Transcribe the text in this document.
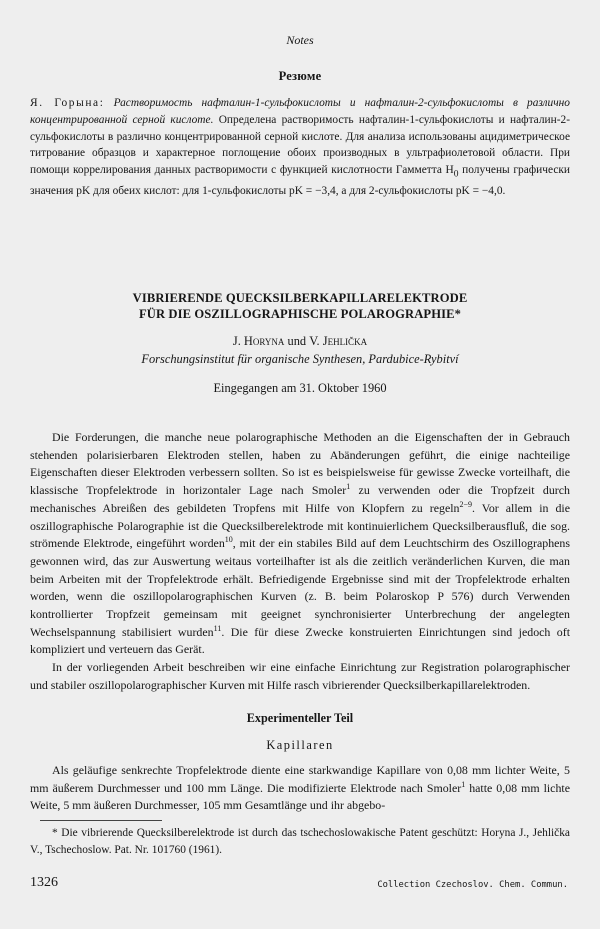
Notes
Резюме
Я. Горына: Растворимость нафталин-1-сульфокислоты и нафталин-2-сульфокислоты в различно концентрированной серной кислоте. Определена растворимость нафталин-1-сульфокислоты и нафталин-2-сульфокислоты в различно концентрированной серной кислоте. Для анализа использованы ацидиметрическое титрование образцов и характерное поглощение обоих производных в ультрафиолетовой области. При помощи коррелирования данных растворимости с функцией кислотности Гамметта $H_0$ получены графически значения pK для обеих кислот: для 1-сульфокислоты pK = −3,4, а для 2-сульфокислоты pK = −4,0.
VIBRIERENDE QUECKSILBERKAPILLARELEKTRODE
FÜR DIE OSZILLOGRAPHISCHE POLAROGRAPHIE*
J. Horyna und V. Jehlička
Forschungsinstitut für organische Synthesen, Pardubice-Rybitví
Eingegangen am 31. Oktober 1960

Die Forderungen, die manche neue polarographische Methoden an die Eigenschaften der in Gebrauch stehenden polarisierbaren Elektroden stellen, haben zu Abänderungen geführt, die einige nachteilige Eigenschaften dieser Elektroden verbessern sollten. So ist es beispielsweise für gewisse Zwecke vorteilhaft, die klassische Tropfelektrode in horizontaler Lage nach Smoler$^1$ zu verwenden oder die Tropfzeit durch mechanisches Abreißen des gebildeten Tropfens mit Hilfe von Klopfern zu regeln$^{2-9}$. Vor allem in die oszillographische Polarographie ist die Quecksilberelektrode mit kontinuierlichem Quecksilberausfluß, die sog. strömende Elektrode, eingeführt worden$^{10}$, mit der ein stabiles Bild auf dem Leuchtschirm des Oszillographens gewonnen wird, das zur Auswertung weitaus vorteilhafter ist als die zeitlich veränderlichen Kurven, die man beim Arbeiten mit der Tropfelektrode erhält. Befriedigende Ergebnisse sind mit der Tropfelektrode erhalten worden, wenn die oszillopolarographischen Kurven (z. B. beim Polaroskop P 576) durch Verwenden kontrollierter Tropfzeit gemeinsam mit geeignet synchronisierter Unterbrechung der angelegten Wechselspannung stabilisiert wurden$^{11}$. Die für diese Zwecke konstruierten Einrichtungen sind jedoch oft kompliziert und verteuern das Gerät.

In der vorliegenden Arbeit beschreiben wir eine einfache Einrichtung zur Registration polarographischer und stabiler oszillopolarographischer Kurven mit Hilfe rasch vibrierender Quecksilberkapillarelektroden.

Experimenteller Teil
Kapillaren

Als geläufige senkrechte Tropfelektrode diente eine starkwandige Kapillare von 0,08 mm lichter Weite, 5 mm äußerem Durchmesser und 100 mm Länge. Die modifizierte Elektrode nach Smoler$^1$ hatte 0,08 mm lichte Weite, 5 mm äußeren Durchmesser, 105 mm Gesamtlänge und ihr abgebo-

* Die vibrierende Quecksilberelektrode ist durch das tschechoslowakische Patent geschützt: Horyna J., Jehlička V., Tschechoslow. Pat. Nr. 101760 (1961).

1326	Collection Czechoslov. Chem. Commun.
